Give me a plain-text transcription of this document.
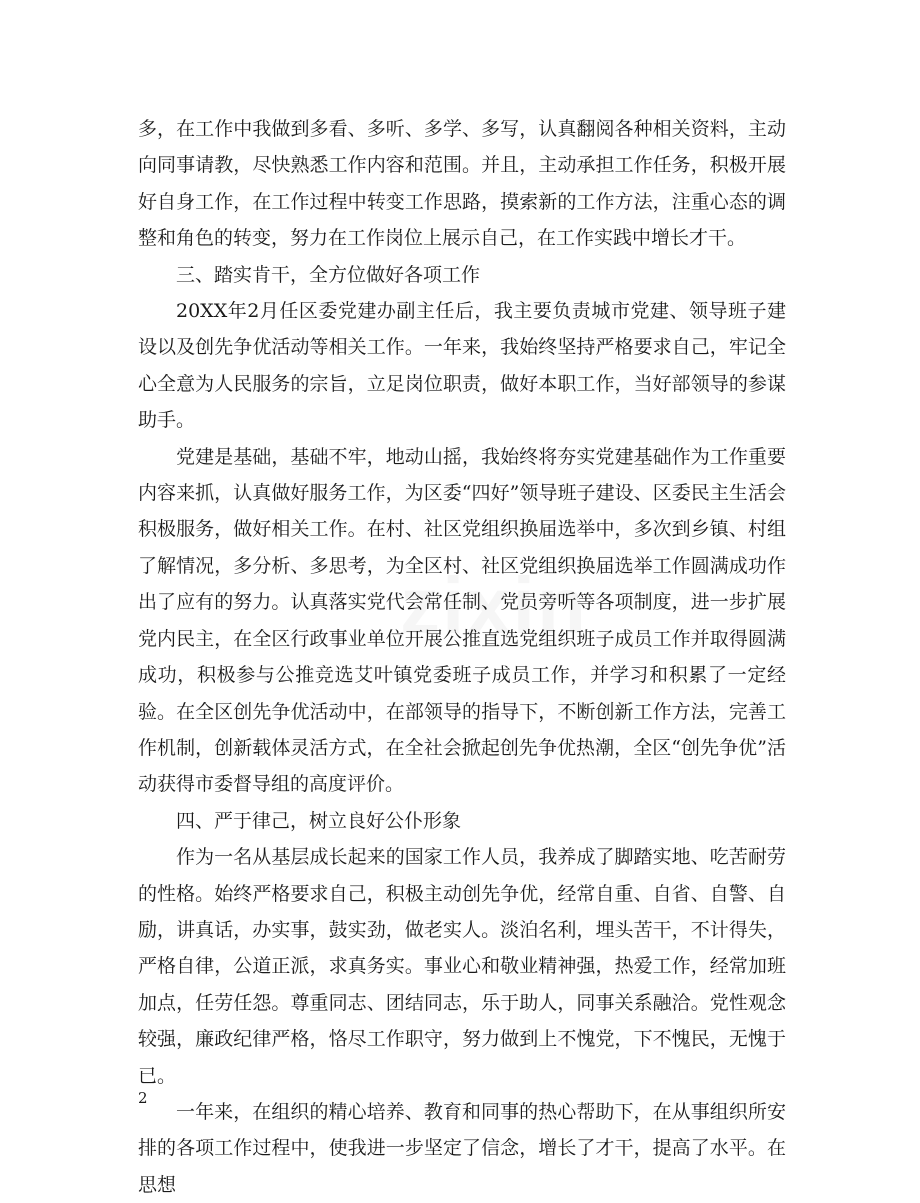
zixin

多，在工作中我做到多看、多听、多学、多写，认真翻阅各种相关资料，主动向同事请教，尽快熟悉工作内容和范围。并且，主动承担工作任务，积极开展好自身工作，在工作过程中转变工作思路，摸索新的工作方法，注重心态的调整和角色的转变，努力在工作岗位上展示自己，在工作实践中增长才干。

三、踏实肯干，全方位做好各项工作

20XX年2月任区委党建办副主任后，我主要负责城市党建、领导班子建设以及创先争优活动等相关工作。一年来，我始终坚持严格要求自己，牢记全心全意为人民服务的宗旨，立足岗位职责，做好本职工作，当好部领导的参谋助手。

党建是基础，基础不牢，地动山摇，我始终将夯实党建基础作为工作重要内容来抓，认真做好服务工作，为区委“四好”领导班子建设、区委民主生活会积极服务，做好相关工作。在村、社区党组织换届选举中，多次到乡镇、村组了解情况，多分析、多思考，为全区村、社区党组织换届选举工作圆满成功作出了应有的努力。认真落实党代会常任制、党员旁听等各项制度，进一步扩展党内民主，在全区行政事业单位开展公推直选党组织班子成员工作并取得圆满成功，积极参与公推竞选艾叶镇党委班子成员工作，并学习和积累了一定经验。在全区创先争优活动中，在部领导的指导下，不断创新工作方法，完善工作机制，创新载体灵活方式，在全社会掀起创先争优热潮，全区“创先争优”活动获得市委督导组的高度评价。

四、严于律己，树立良好公仆形象

作为一名从基层成长起来的国家工作人员，我养成了脚踏实地、吃苦耐劳的性格。始终严格要求自己，积极主动创先争优，经常自重、自省、自警、自励，讲真话，办实事，鼓实劲，做老实人。淡泊名利，埋头苦干，不计得失，严格自律，公道正派，求真务实。事业心和敬业精神强，热爱工作，经常加班加点，任劳任怨。尊重同志、团结同志，乐于助人，同事关系融洽。党性观念较强，廉政纪律严格，恪尽工作职守，努力做到上不愧党，下不愧民，无愧于已。

一年来，在组织的精心培养、教育和同事的热心帮助下，在从事组织所安排的各项工作过程中，使我进一步坚定了信念，增长了才干，提高了水平。在思想

2
